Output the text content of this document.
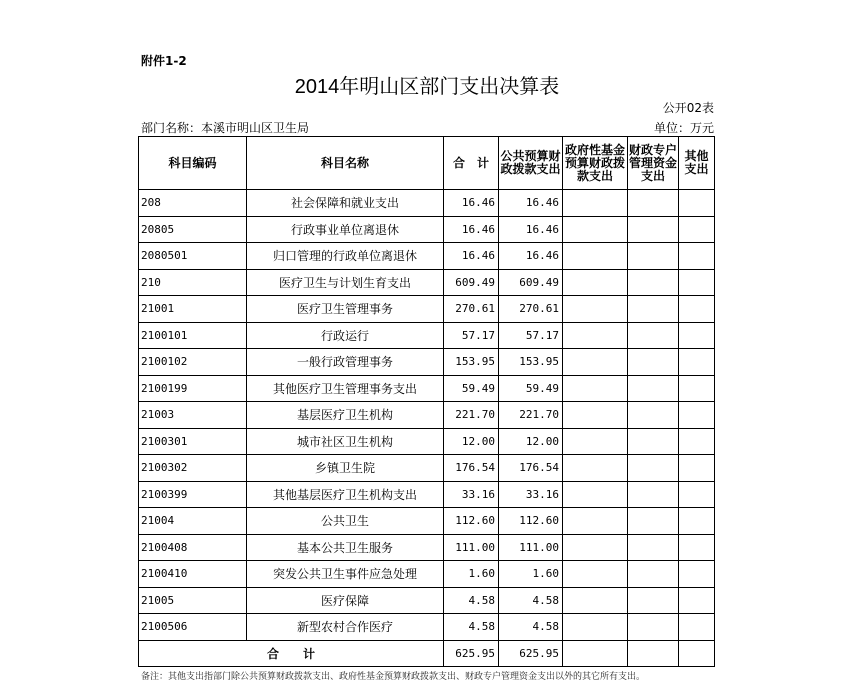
附件1-2
2014年明山区部门支出决算表
公开02表
部门名称：本溪市明山区卫生局	单位：万元
科目编码	科目名称	合　计	公共预算财政拨款支出	政府性基金预算财政拨款支出	财政专户管理资金支出	其他支出
208	社会保障和就业支出	16.46	16.46			
20805	行政事业单位离退休	16.46	16.46			
2080501	归口管理的行政单位离退休	16.46	16.46			
210	医疗卫生与计划生育支出	609.49	609.49			
21001	医疗卫生管理事务	270.61	270.61			
2100101	行政运行	57.17	57.17			
2100102	一般行政管理事务	153.95	153.95			
2100199	其他医疗卫生管理事务支出	59.49	59.49			
21003	基层医疗卫生机构	221.70	221.70			
2100301	城市社区卫生机构	12.00	12.00			
2100302	乡镇卫生院	176.54	176.54			
2100399	其他基层医疗卫生机构支出	33.16	33.16			
21004	公共卫生	112.60	112.60			
2100408	基本公共卫生服务	111.00	111.00			
2100410	突发公共卫生事件应急处理	1.60	1.60			
21005	医疗保障	4.58	4.58			
2100506	新型农村合作医疗	4.58	4.58			
合　　计		625.95	625.95			
备注：其他支出指部门除公共预算财政拨款支出、政府性基金预算财政拨款支出、财政专户管理资金支出以外的其它所有支出。
